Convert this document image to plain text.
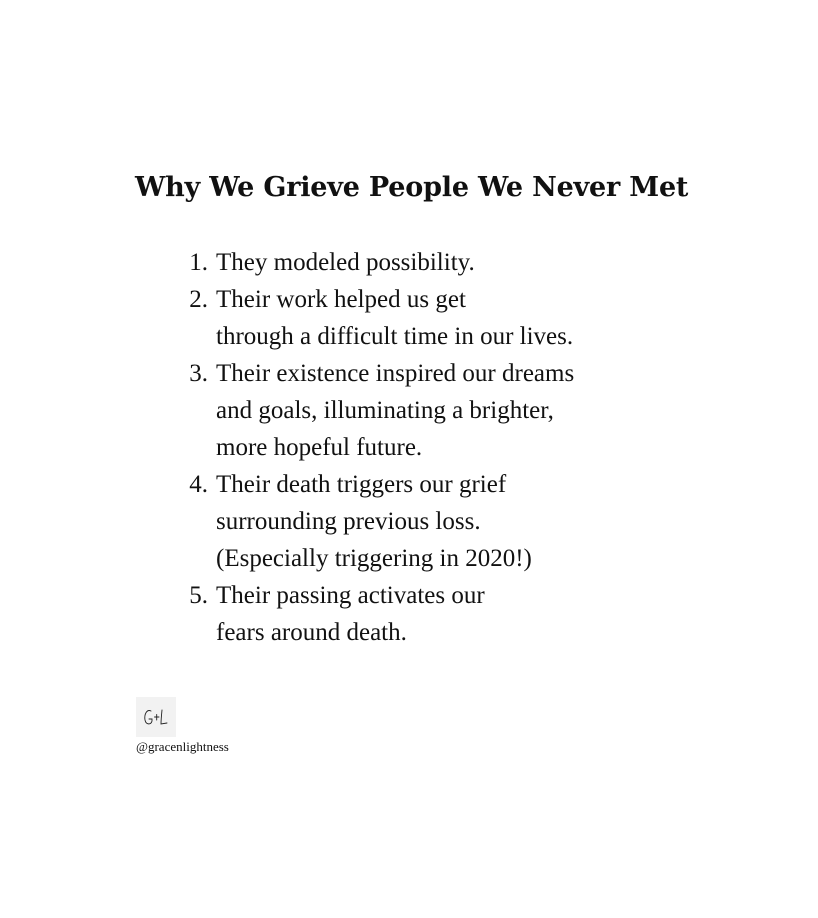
Why We Grieve People We Never Met
1. They modeled possibility.
2. Their work helped us get
through a difficult time in our lives.
3. Their existence inspired our dreams
and goals, illuminating a brighter,
more hopeful future.
4. Their death triggers our grief
surrounding previous loss.
(Especially triggering in 2020!)
5. Their passing activates our
fears around death.
@gracenlightness
